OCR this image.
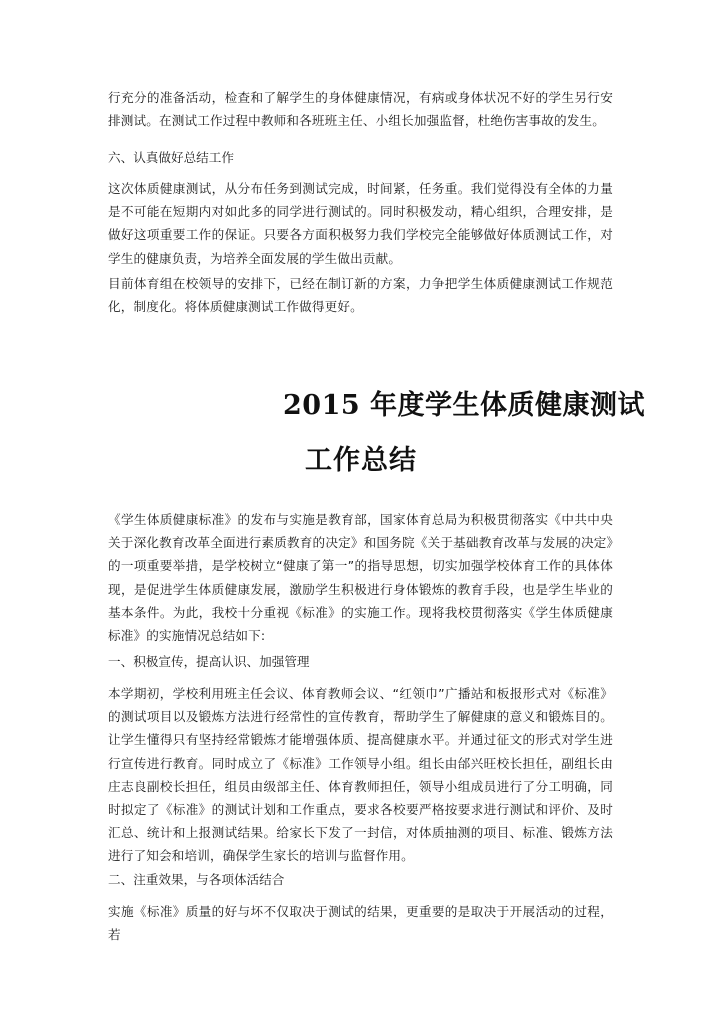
行充分的准备活动，检查和了解学生的身体健康情况，有病或身体状况不好的学生另行安排测试。在测试工作过程中教师和各班班主任、小组长加强监督，杜绝伤害事故的发生。

六、认真做好总结工作

这次体质健康测试，从分布任务到测试完成，时间紧，任务重。我们觉得没有全体的力量是不可能在短期内对如此多的同学进行测试的。同时积极发动，精心组织，合理安排，是做好这项重要工作的保证。只要各方面积极努力我们学校完全能够做好体质测试工作，对学生的健康负责，为培养全面发展的学生做出贡献。

目前体育组在校领导的安排下，已经在制订新的方案，力争把学生体质健康测试工作规范化，制度化。将体质健康测试工作做得更好。

2015 年度学生体质健康测试
工作总结

《学生体质健康标准》的发布与实施是教育部，国家体育总局为积极贯彻落实《中共中央关于深化教育改革全面进行素质教育的决定》和国务院《关于基础教育改革与发展的决定》的一项重要举措，是学校树立“健康了第一”的指导思想，切实加强学校体育工作的具体体现，是促进学生体质健康发展，激励学生积极进行身体锻炼的教育手段，也是学生毕业的基本条件。为此，我校十分重视《标准》的实施工作。现将我校贯彻落实《学生体质健康标准》的实施情况总结如下:

一、积极宣传，提高认识、加强管理

本学期初，学校利用班主任会议、体育教师会议、“红领巾”广播站和板报形式对《标准》的测试项目以及锻炼方法进行经常性的宣传教育，帮助学生了解健康的意义和锻炼目的。让学生懂得只有坚持经常锻炼才能增强体质、提高健康水平。并通过征文的形式对学生进行宣传进行教育。同时成立了《标准》工作领导小组。组长由邰兴旺校长担任，副组长由庄志良副校长担任，组员由级部主任、体育教师担任，领导小组成员进行了分工明确，同时拟定了《标准》的测试计划和工作重点，要求各校要严格按要求进行测试和评价、及时汇总、统计和上报测试结果。给家长下发了一封信，对体质抽测的项目、标准、锻炼方法进行了知会和培训，确保学生家长的培训与监督作用。

二、注重效果，与各项体活结合

实施《标准》质量的好与坏不仅取决于测试的结果，更重要的是取决于开展活动的过程，若
